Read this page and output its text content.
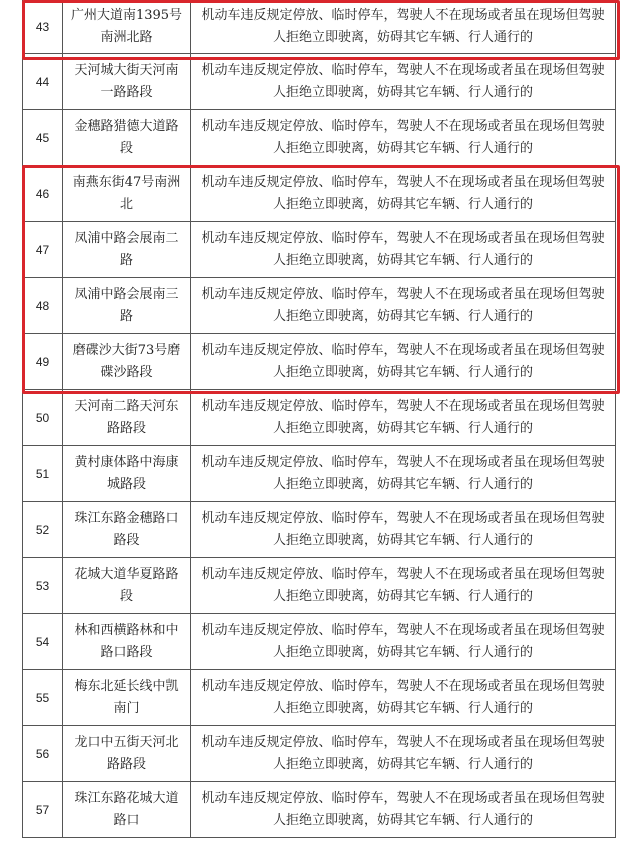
43
广州大道南1395号南洲北路
机动车违反规定停放、临时停车，驾驶人不在现场或者虽在现场但驾驶人拒绝立即驶离，妨碍其它车辆、行人通行的
44
天河城大街天河南一路路段
机动车违反规定停放、临时停车，驾驶人不在现场或者虽在现场但驾驶人拒绝立即驶离，妨碍其它车辆、行人通行的
45
金穗路猎德大道路段
机动车违反规定停放、临时停车，驾驶人不在现场或者虽在现场但驾驶人拒绝立即驶离，妨碍其它车辆、行人通行的
46
南燕东街47号南洲北
机动车违反规定停放、临时停车，驾驶人不在现场或者虽在现场但驾驶人拒绝立即驶离，妨碍其它车辆、行人通行的
47
凤浦中路会展南二路
机动车违反规定停放、临时停车，驾驶人不在现场或者虽在现场但驾驶人拒绝立即驶离，妨碍其它车辆、行人通行的
48
凤浦中路会展南三路
机动车违反规定停放、临时停车，驾驶人不在现场或者虽在现场但驾驶人拒绝立即驶离，妨碍其它车辆、行人通行的
49
磨碟沙大街73号磨碟沙路段
机动车违反规定停放、临时停车，驾驶人不在现场或者虽在现场但驾驶人拒绝立即驶离，妨碍其它车辆、行人通行的
50
天河南二路天河东路路段
机动车违反规定停放、临时停车，驾驶人不在现场或者虽在现场但驾驶人拒绝立即驶离，妨碍其它车辆、行人通行的
51
黄村康体路中海康城路段
机动车违反规定停放、临时停车，驾驶人不在现场或者虽在现场但驾驶人拒绝立即驶离，妨碍其它车辆、行人通行的
52
珠江东路金穗路口路段
机动车违反规定停放、临时停车，驾驶人不在现场或者虽在现场但驾驶人拒绝立即驶离，妨碍其它车辆、行人通行的
53
花城大道华夏路路段
机动车违反规定停放、临时停车，驾驶人不在现场或者虽在现场但驾驶人拒绝立即驶离，妨碍其它车辆、行人通行的
54
林和西横路林和中路口路段
机动车违反规定停放、临时停车，驾驶人不在现场或者虽在现场但驾驶人拒绝立即驶离，妨碍其它车辆、行人通行的
55
梅东北延长线中凯南门
机动车违反规定停放、临时停车，驾驶人不在现场或者虽在现场但驾驶人拒绝立即驶离，妨碍其它车辆、行人通行的
56
龙口中五街天河北路路段
机动车违反规定停放、临时停车，驾驶人不在现场或者虽在现场但驾驶人拒绝立即驶离，妨碍其它车辆、行人通行的
57
珠江东路花城大道路口
机动车违反规定停放、临时停车，驾驶人不在现场或者虽在现场但驾驶人拒绝立即驶离，妨碍其它车辆、行人通行的
